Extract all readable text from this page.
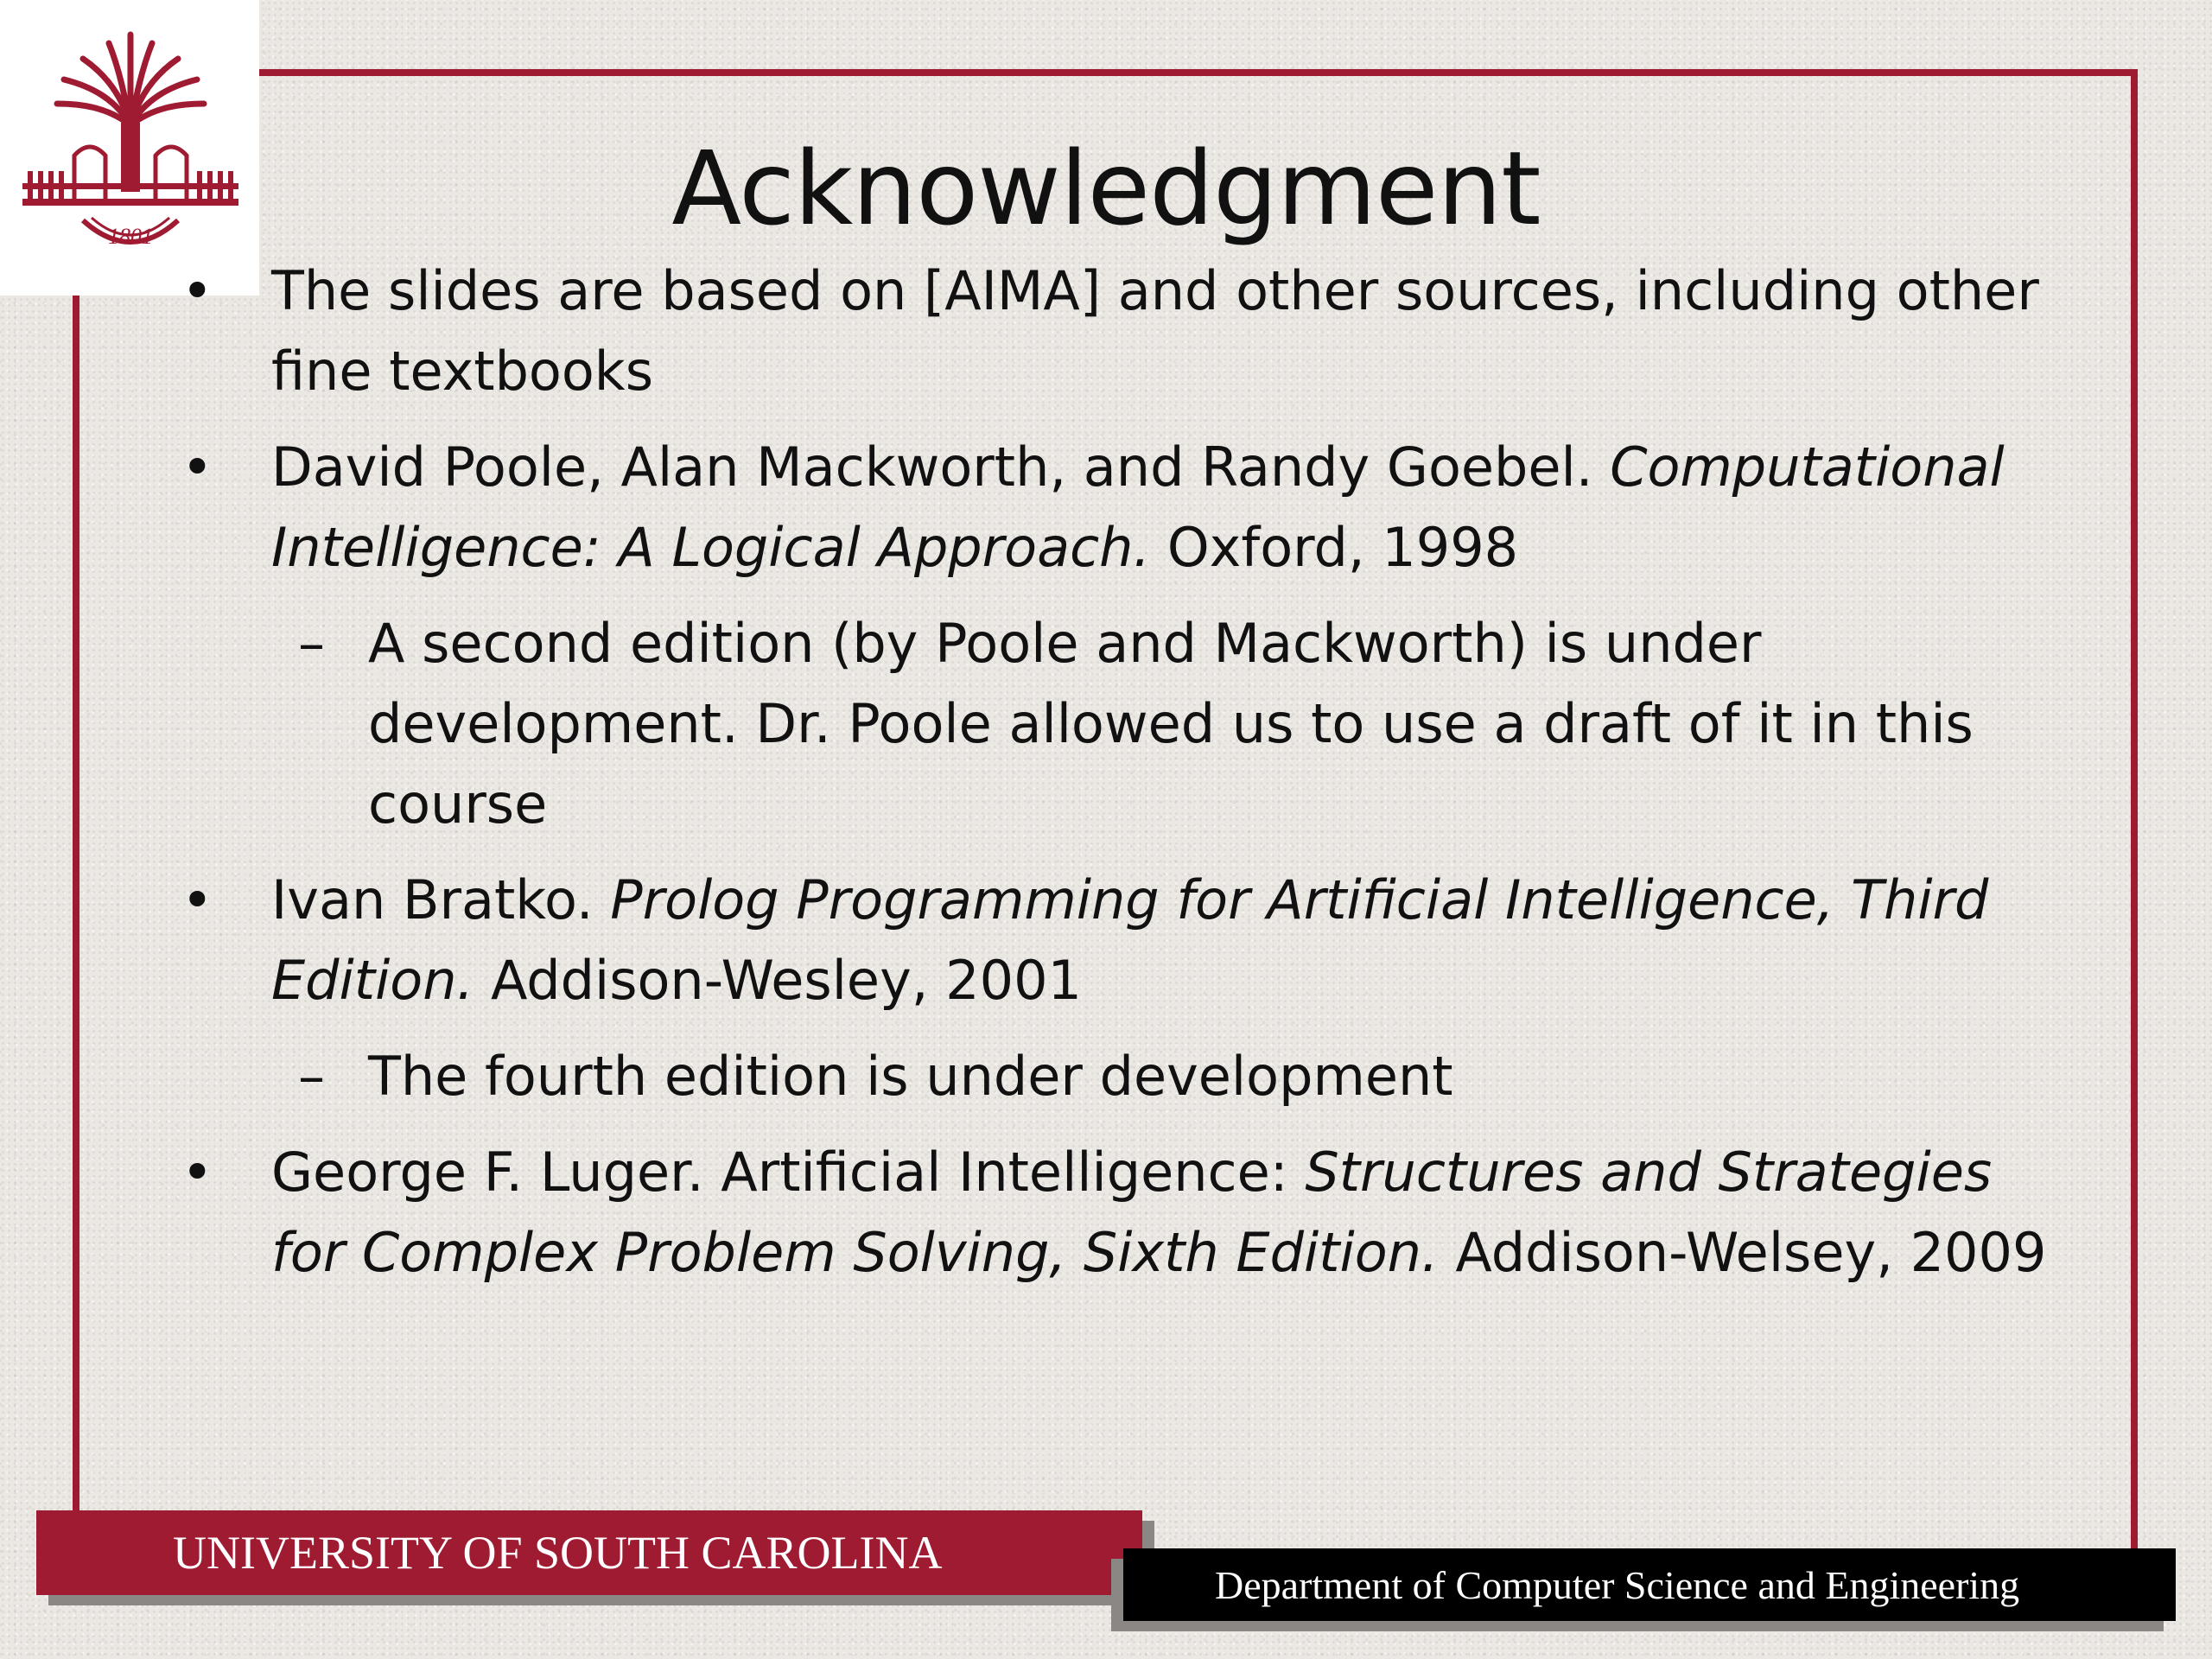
1801	Acknowledgment
•	The slides are based on [AIMA] and other sources, including other fine textbooks
•	David Poole, Alan Mackworth, and Randy Goebel. Computational Intelligence: A Logical Approach. Oxford, 1998
– A second edition (by Poole and Mackworth) is under development. Dr. Poole allowed us to use a draft of it in this course
•	Ivan Bratko. Prolog Programming for Artificial Intelligence, Third Edition. Addison-Wesley, 2001
– The fourth edition is under development
•	George F. Luger. Artificial Intelligence: Structures and Strategies for Complex Problem Solving, Sixth Edition. Addison-Welsey, 2009
UNIVERSITY OF SOUTH CAROLINA
Department of Computer Science and Engineering
